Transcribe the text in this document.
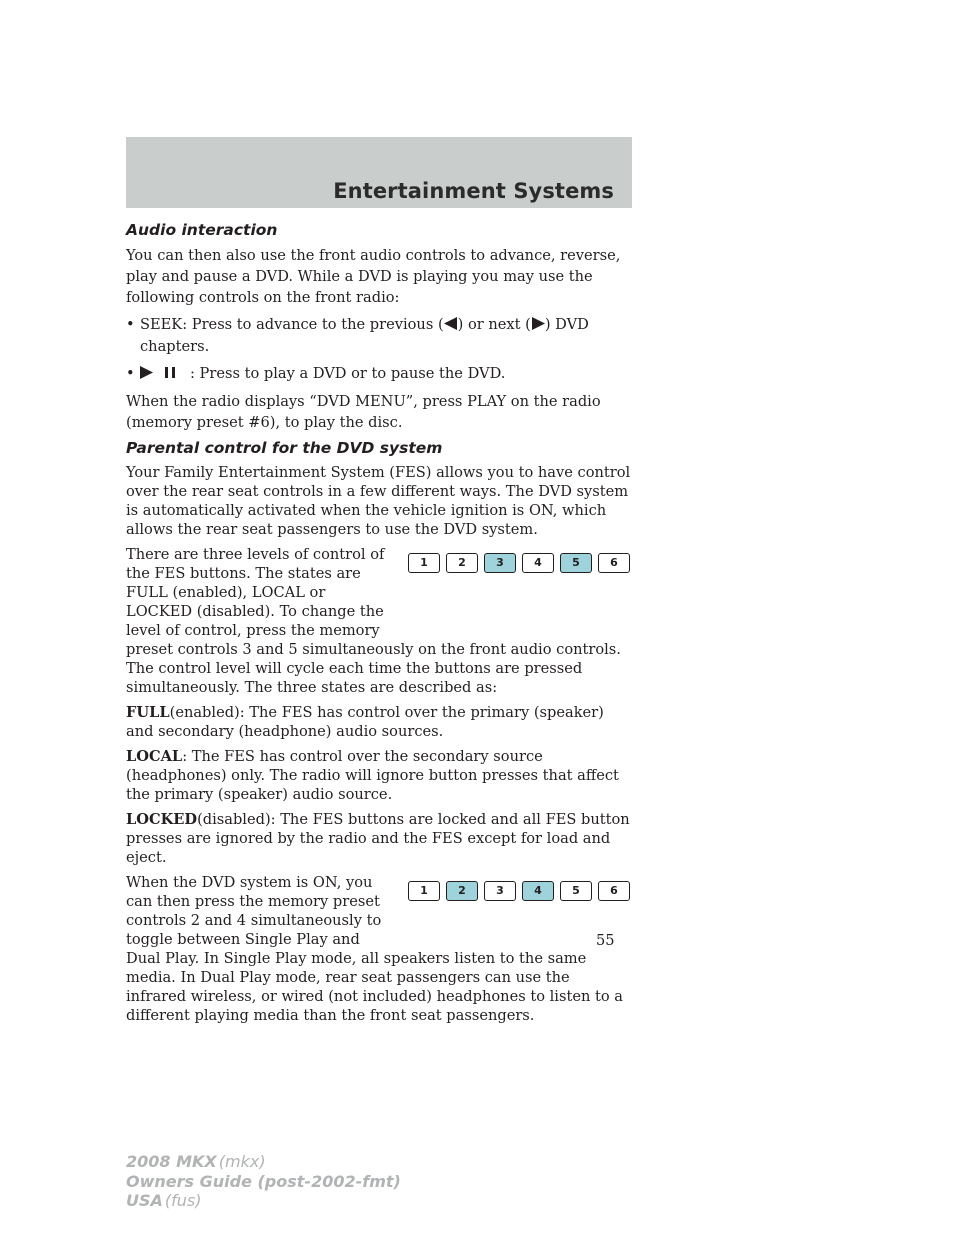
Entertainment Systems
Audio interaction

You can then also use the front audio controls to advance, reverse, play and pause a DVD. While a DVD is playing you may use the following controls on the front radio:

• SEEK: Press to advance to the previous ( ) or next ( ) DVD chapters.
•	: Press to play a DVD or to pause the DVD.

When the radio displays “DVD MENU”, press PLAY on the radio (memory preset #6), to play the disc.

Parental control for the DVD system

Your Family Entertainment System (FES) allows you to have control over the rear seat controls in a few different ways. The DVD system is automatically activated when the vehicle ignition is ON, which allows the rear seat passengers to use the DVD system.

1	2	3	4	5	6

There are three levels of control of the FES buttons. The states are FULL (enabled), LOCAL or LOCKED (disabled). To change the level of control, press the memory preset controls 3 and 5 simultaneously on the front audio controls. The control level will cycle each time the buttons are pressed simultaneously. The three states are described as:

FULL(enabled): The FES has control over the primary (speaker) and secondary (headphone) audio sources.

LOCAL: The FES has control over the secondary source (headphones) only. The radio will ignore button presses that affect the primary (speaker) audio source.

LOCKED(disabled): The FES buttons are locked and all FES button presses are ignored by the radio and the FES except for load and eject.

1	2	3	4	5	6

When the DVD system is ON, you can then press the memory preset controls 2 and 4 simultaneously to toggle between Single Play and Dual Play. In Single Play mode, all speakers listen to the same media. In Dual Play mode, rear seat passengers can use the infrared wireless, or wired (not included) headphones to listen to a different playing media than the front seat passengers.

55
2008 MKX (mkx)
Owners Guide (post-2002-fmt)
USA (fus)
